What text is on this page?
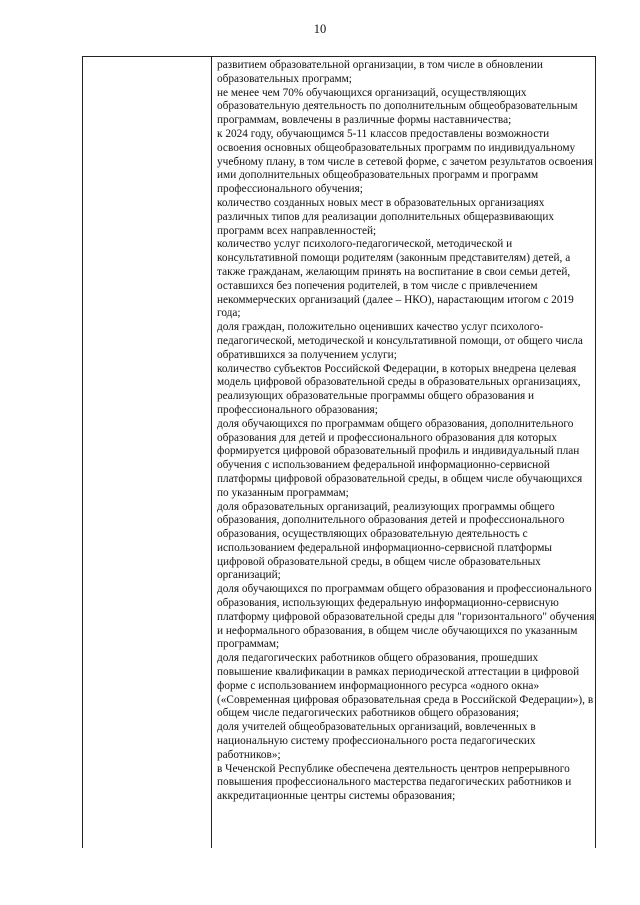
10

развитием образовательной организации, в том числе в обновлении образовательных программ;

не менее чем 70% обучающихся организаций, осуществляющих образовательную деятельность по дополнительным общеобразовательным программам, вовлечены в различные формы наставничества;

к 2024 году, обучающимся 5-11 классов предоставлены возможности освоения основных общеобразовательных программ по индивидуальному учебному плану, в том числе в сетевой форме, с зачетом результатов освоения ими дополнительных общеобразовательных программ и программ профессионального обучения;

количество созданных новых мест в образовательных организациях различных типов для реализации дополнительных общеразвивающих программ всех направленностей;

количество услуг психолого-педагогической, методической и консультативной помощи родителям (законным представителям) детей, а также гражданам, желающим принять на воспитание в свои семьи детей, оставшихся без попечения родителей, в том числе с привлечением некоммерческих организаций (далее – НКО), нарастающим итогом с 2019 года;

доля граждан, положительно оценивших качество услуг психолого-педагогической, методической и консультативной помощи, от общего числа обратившихся за получением услуги;

количество субъектов Российской Федерации, в которых внедрена целевая модель цифровой образовательной среды в образовательных организациях, реализующих образовательные программы общего образования и профессионального образования;

доля обучающихся по программам общего образования, дополнительного образования для детей и профессионального образования для которых формируется цифровой образовательный профиль и индивидуальный план обучения с использованием федеральной информационно-сервисной платформы цифровой образовательной среды, в общем числе обучающихся по указанным программам;

доля образовательных организаций, реализующих программы общего образования, дополнительного образования детей и профессионального образования, осуществляющих образовательную деятельность с использованием федеральной информационно-сервисной платформы цифровой образовательной среды, в общем числе образовательных организаций;

доля обучающихся по программам общего образования и профессионального образования, использующих федеральную информационно-сервисную платформу цифровой образовательной среды для "горизонтального" обучения и неформального образования, в общем числе обучающихся по указанным программам;

доля педагогических работников общего образования, прошедших повышение квалификации в рамках периодической аттестации в цифровой форме с использованием информационного ресурса «одного окна» («Современная цифровая образовательная среда в Российской Федерации»), в общем числе педагогических работников общего образования;

доля учителей общеобразовательных организаций, вовлеченных в национальную систему профессионального роста педагогических работников»;

в Чеченской Республике обеспечена деятельность центров непрерывного повышения профессионального мастерства педагогических работников и аккредитационные центры системы образования;
